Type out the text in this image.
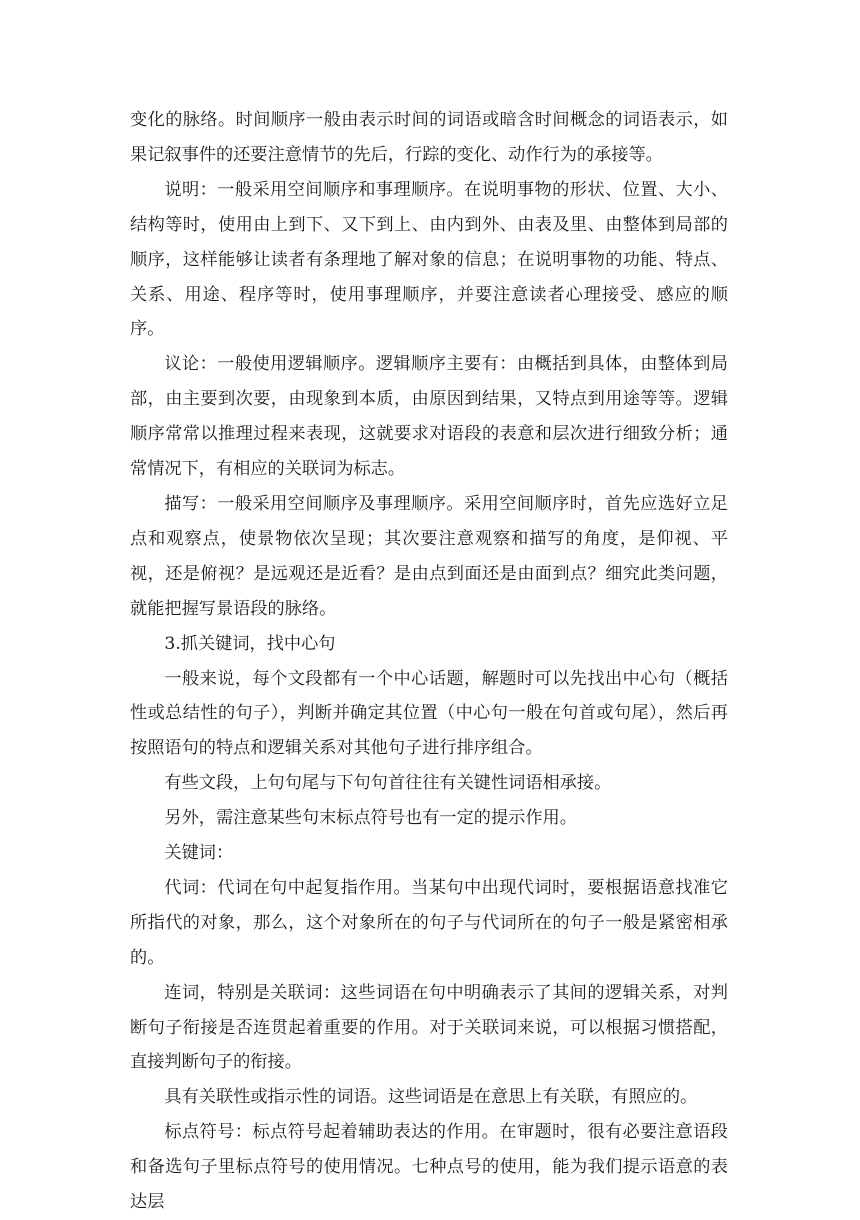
变化的脉络。时间顺序一般由表示时间的词语或暗含时间概念的词语表示，如果记叙事件的还要注意情节的先后，行踪的变化、动作行为的承接等。

说明：一般采用空间顺序和事理顺序。在说明事物的形状、位置、大小、结构等时，使用由上到下、又下到上、由内到外、由表及里、由整体到局部的顺序，这样能够让读者有条理地了解对象的信息；在说明事物的功能、特点、关系、用途、程序等时，使用事理顺序，并要注意读者心理接受、感应的顺序。

议论：一般使用逻辑顺序。逻辑顺序主要有：由概括到具体，由整体到局部，由主要到次要，由现象到本质，由原因到结果，又特点到用途等等。逻辑顺序常常以推理过程来表现，这就要求对语段的表意和层次进行细致分析；通常情况下，有相应的关联词为标志。

描写：一般采用空间顺序及事理顺序。采用空间顺序时，首先应选好立足点和观察点，使景物依次呈现；其次要注意观察和描写的角度，是仰视、平视，还是俯视？是远观还是近看？是由点到面还是由面到点？细究此类问题，就能把握写景语段的脉络。

3.抓关键词，找中心句

一般来说，每个文段都有一个中心话题，解题时可以先找出中心句（概括性或总结性的句子），判断并确定其位置（中心句一般在句首或句尾），然后再按照语句的特点和逻辑关系对其他句子进行排序组合。

有些文段，上句句尾与下句句首往往有关键性词语相承接。

另外，需注意某些句末标点符号也有一定的提示作用。

关键词：

代词：代词在句中起复指作用。当某句中出现代词时，要根据语意找准它所指代的对象，那么，这个对象所在的句子与代词所在的句子一般是紧密相承的。

连词，特别是关联词：这些词语在句中明确表示了其间的逻辑关系，对判断句子衔接是否连贯起着重要的作用。对于关联词来说，可以根据习惯搭配，直接判断句子的衔接。

具有关联性或指示性的词语。这些词语是在意思上有关联，有照应的。

标点符号：标点符号起着辅助表达的作用。在审题时，很有必要注意语段和备选句子里标点符号的使用情况。七种点号的使用，能为我们提示语意的表达层
